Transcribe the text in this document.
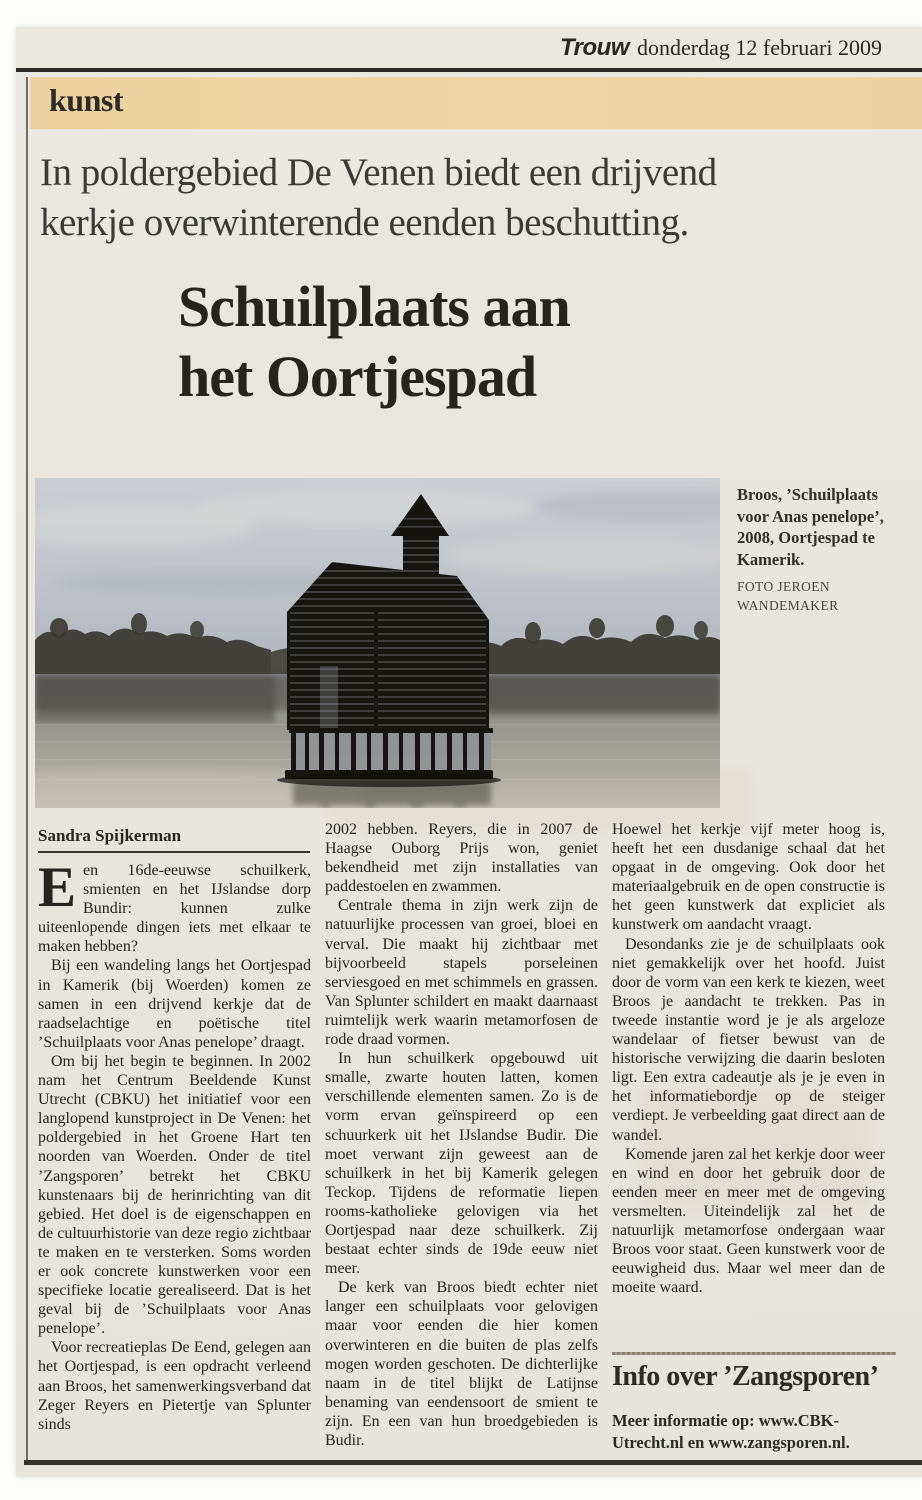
Trouw donderdag 12 februari 2009
kunst
In poldergebied De Venen biedt een drijvend
kerkje overwinterende eenden beschutting.
Schuilplaats aan
het Oortjespad
Broos, ’Schuilplaats voor Anas penelope’, 2008, Oortjespad te Kamerik.
FOTO JEROEN WANDEMAKER
Sandra Spijkerman

Een 16de-eeuwse schuilkerk, smienten en het IJslandse dorp Bundir: kunnen zulke uiteenlopende dingen iets met elkaar te maken hebben?

Bij een wandeling langs het Oortjespad in Kamerik (bij Woerden) komen ze samen in een drijvend kerkje dat de raadselachtige en poëtische titel ’Schuilplaats voor Anas penelope’ draagt.

Om bij het begin te beginnen. In 2002 nam het Centrum Beeldende Kunst Utrecht (CBKU) het initiatief voor een langlopend kunstproject in De Venen: het poldergebied in het Groene Hart ten noorden van Woerden. Onder de titel ’Zangsporen’ betrekt het CBKU kunstenaars bij de herinrichting van dit gebied. Het doel is de eigenschappen en de cultuurhistorie van deze regio zichtbaar te maken en te versterken. Soms worden er ook concrete kunstwerken voor een specifieke locatie gerealiseerd. Dat is het geval bij de ’Schuilplaats voor Anas penelope’.

Voor recreatieplas De Eend, gelegen aan het Oortjespad, is een opdracht verleend aan Broos, het samenwerkingsverband dat Zeger Reyers en Pietertje van Splunter sinds

2002 hebben. Reyers, die in 2007 de Haagse Ouborg Prijs won, geniet bekendheid met zijn installaties van paddestoelen en zwammen.

Centrale thema in zijn werk zijn de natuurlijke processen van groei, bloei en verval. Die maakt hij zichtbaar met bijvoorbeeld stapels porseleinen serviesgoed en met schimmels en grassen. Van Splunter schildert en maakt daarnaast ruimtelijk werk waarin metamorfosen de rode draad vormen.

In hun schuilkerk opgebouwd uit smalle, zwarte houten latten, komen verschillende elementen samen. Zo is de vorm ervan geïnspireerd op een schuurkerk uit het IJslandse Budir. Die moet verwant zijn geweest aan de schuilkerk in het bij Kamerik gelegen Teckop. Tijdens de reformatie liepen rooms-katholieke gelovigen via het Oortjespad naar deze schuilkerk. Zij bestaat echter sinds de 19de eeuw niet meer.

De kerk van Broos biedt echter niet langer een schuilplaats voor gelovigen maar voor eenden die hier komen overwinteren en die buiten de plas zelfs mogen worden geschoten. De dichterlijke naam in de titel blijkt de Latijnse benaming van eendensoort de smient te zijn. En een van hun broedgebieden is Budir.

Hoewel het kerkje vijf meter hoog is, heeft het een dusdanige schaal dat het opgaat in de omgeving. Ook door het materiaalgebruik en de open constructie is het geen kunstwerk dat expliciet als kunstwerk om aandacht vraagt.

Desondanks zie je de schuilplaats ook niet gemakkelijk over het hoofd. Juist door de vorm van een kerk te kiezen, weet Broos je aandacht te trekken. Pas in tweede instantie word je je als argeloze wandelaar of fietser bewust van de historische verwijzing die daarin besloten ligt. Een extra cadeautje als je je even in het informatiebordje op de steiger verdiept. Je verbeelding gaat direct aan de wandel.

Komende jaren zal het kerkje door weer en wind en door het gebruik door de eenden meer en meer met de omgeving versmelten. Uiteindelijk zal het de natuurlijk metamorfose ondergaan waar Broos voor staat. Geen kunstwerk voor de eeuwigheid dus. Maar wel meer dan de moeite waard.

Info over ’Zangsporen’
Meer informatie op: www.CBK-Utrecht.nl en www.zangsporen.nl.
